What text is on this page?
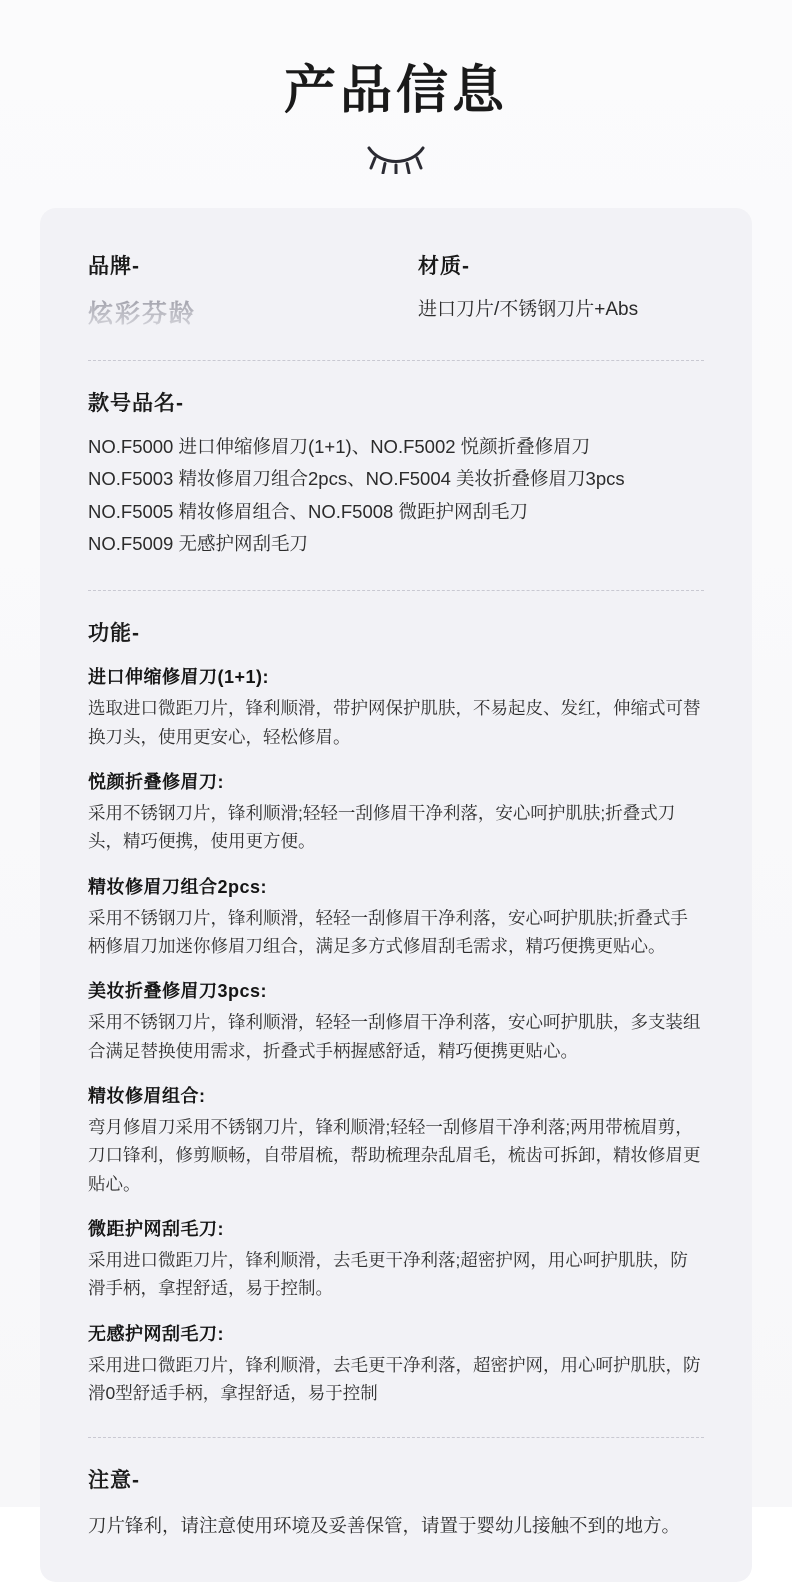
产品信息
品牌-
炫彩芬龄
材质-
进口刀片/不锈钢刀片+Abs
款号品名-
NO.F5000 进口伸缩修眉刀(1+1)、NO.F5002 悦颜折叠修眉刀
NO.F5003 精妆修眉刀组合2pcs、NO.F5004 美妆折叠修眉刀3pcs
NO.F5005 精妆修眉组合、NO.F5008 微距护网刮毛刀
NO.F5009 无感护网刮毛刀
功能-
进口伸缩修眉刀(1+1):
选取进口微距刀片，锋利顺滑，带护网保护肌肤，不易起皮、发红，伸缩式可替换刀头，使用更安心，轻松修眉。
悦颜折叠修眉刀:
采用不锈钢刀片，锋利顺滑;轻轻一刮修眉干净利落，安心呵护肌肤;折叠式刀头，精巧便携，使用更方便。
精妆修眉刀组合2pcs:
采用不锈钢刀片，锋利顺滑，轻轻一刮修眉干净利落，安心呵护肌肤;折叠式手柄修眉刀加迷你修眉刀组合，满足多方式修眉刮毛需求，精巧便携更贴心。
美妆折叠修眉刀3pcs:
采用不锈钢刀片，锋利顺滑，轻轻一刮修眉干净利落，安心呵护肌肤，多支装组合满足替换使用需求，折叠式手柄握感舒适，精巧便携更贴心。
精妆修眉组合:
弯月修眉刀采用不锈钢刀片，锋利顺滑;轻轻一刮修眉干净利落;两用带梳眉剪，刀口锋利，修剪顺畅，自带眉梳，帮助梳理杂乱眉毛，梳齿可拆卸，精妆修眉更贴心。
微距护网刮毛刀:
采用进口微距刀片，锋利顺滑，去毛更干净利落;超密护网，用心呵护肌肤，防滑手柄，拿捏舒适，易于控制。
无感护网刮毛刀:
采用进口微距刀片，锋利顺滑，去毛更干净利落，超密护网，用心呵护肌肤，防滑0型舒适手柄，拿捏舒适，易于控制
注意-
刀片锋利，请注意使用环境及妥善保管，请置于婴幼儿接触不到的地方。
